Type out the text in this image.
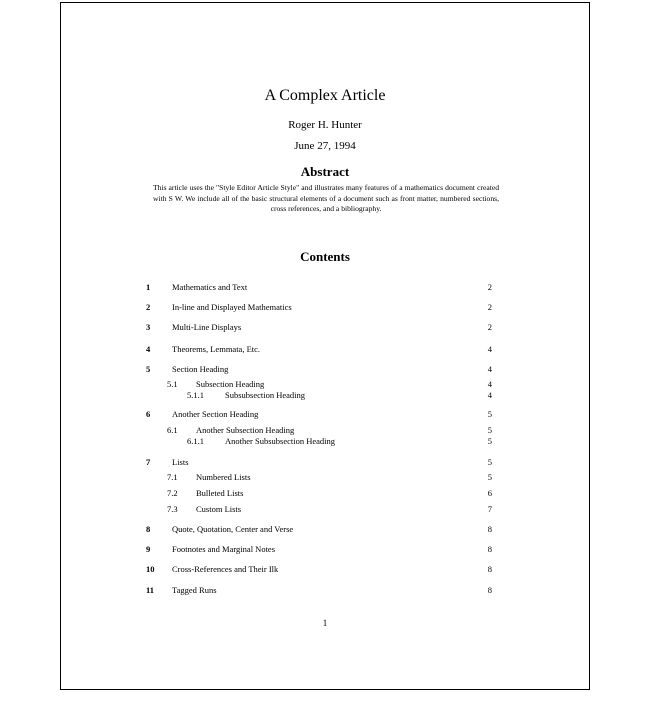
A Complex Article
Roger H. Hunter
June 27, 1994
Abstract
This article uses the "Style Editor Article Style" and illustrates many features of a mathematics document created with S W. We include all of the basic structural elements of a document such as front matter, numbered sections, cross references, and a bibliography.
Contents
1	Mathematics and Text	2
2	In-line and Displayed Mathematics	2
3	Multi-Line Displays	2
4	Theorems, Lemmata, Etc.	4
5	Section Heading	4
5.1 Subsection Heading	4
5.1.1 Subsubsection Heading	4
6	Another Section Heading	5
6.1 Another Subsection Heading	5
6.1.1 Another Subsubsection Heading	5
7	Lists	5
7.1 Numbered Lists	5
7.2 Bulleted Lists	6
7.3 Custom Lists	7
8	Quote, Quotation, Center and Verse	8
9	Footnotes and Marginal Notes	8
10 Cross-References and Their Ilk	8
11 Tagged Runs	8
1
